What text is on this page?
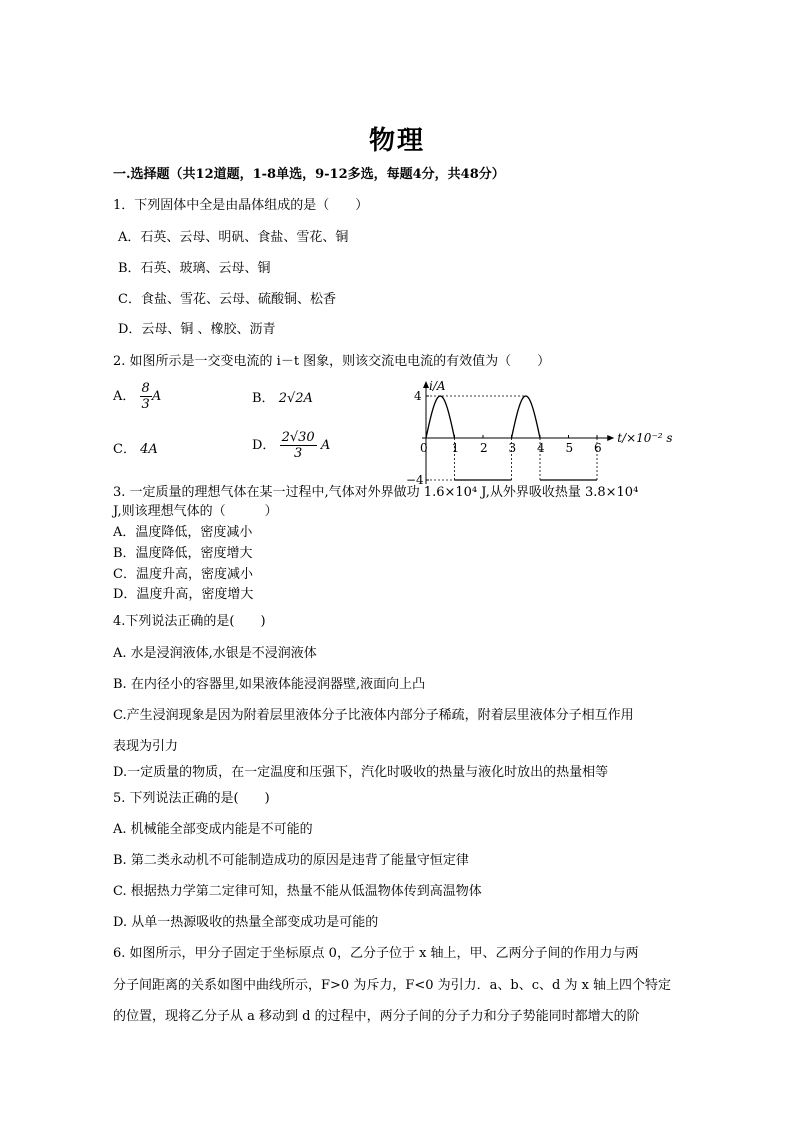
物理
一.选择题（共12道题，1-8单选，9-12多选，每题4分，共48分）
1．下列固体中全是由晶体组成的是（　　）
A．石英、云母、明矾、食盐、雪花、铜
B．石英、玻璃、云母、铜
C．食盐、雪花、云母、硫酸铜、松香
D．云母、铜 、橡胶、沥青
2. 如图所示是一交变电流的 i－t 图象，则该交流电电流的有效值为（　　）
A． $\frac{8}{3}$ A	B． 2√2A
C． 4A	D． $\frac{2√30}{3}$ A
i/A
t/×10⁻² s
4
−4
0 1 2 3 4 5 6
3. 一定质量的理想气体在某一过程中,气体对外界做功 1.6×10⁴ J,从外界吸收热量 3.8×10⁴
J,则该理想气体的（　　　）
A．温度降低，密度减小
B．温度降低，密度增大
C．温度升高，密度减小
D．温度升高，密度增大
4.下列说法正确的是(　　)
A. 水是浸润液体,水银是不浸润液体
B. 在内径小的容器里,如果液体能浸润器壁,液面向上凸
C.产生浸润现象是因为附着层里液体分子比液体内部分子稀疏，附着层里液体分子相互作用
表现为引力
D.一定质量的物质，在一定温度和压强下，汽化时吸收的热量与液化时放出的热量相等
5. 下列说法正确的是(　　)
A. 机械能全部变成内能是不可能的
B. 第二类永动机不可能制造成功的原因是违背了能量守恒定律
C. 根据热力学第二定律可知，热量不能从低温物体传到高温物体
D. 从单一热源吸收的热量全部变成功是可能的
6. 如图所示，甲分子固定于坐标原点 0，乙分子位于 x 轴上，甲、乙两分子间的作用力与两
分子间距离的关系如图中曲线所示，F>0 为斥力，F<0 为引力．a、b、c、d 为 x 轴上四个特定
的位置，现将乙分子从 a 移动到 d 的过程中，两分子间的分子力和分子势能同时都增大的阶
